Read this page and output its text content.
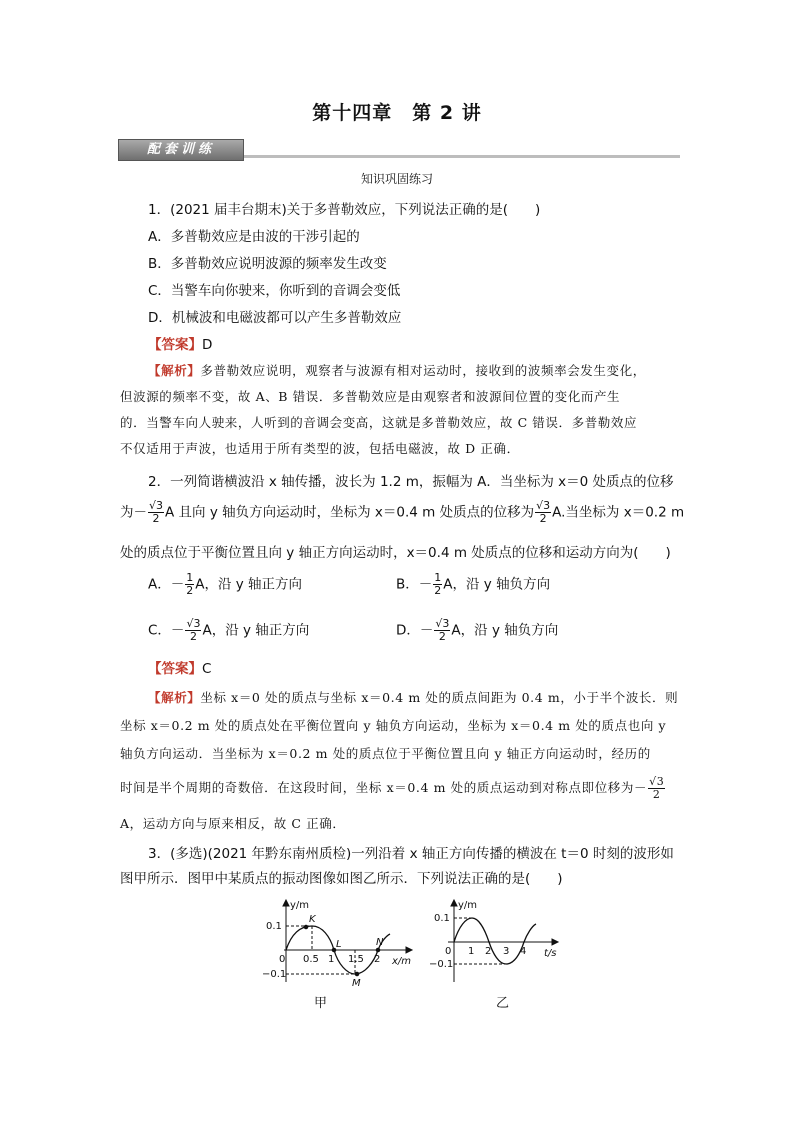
第十四章　第 2 讲
配套训练
知识巩固练习
1．(2021 届丰台期末)关于多普勒效应，下列说法正确的是(　　)
A．多普勒效应是由波的干涉引起的
B．多普勒效应说明波源的频率发生改变
C．当警车向你驶来，你听到的音调会变低
D．机械波和电磁波都可以产生多普勒效应
【答案】D
【解析】多普勒效应说明，观察者与波源有相对运动时，接收到的波频率会发生变化，
但波源的频率不变，故 A、B 错误．多普勒效应是由观察者和波源间位置的变化而产生
的．当警车向人驶来，人听到的音调会变高，这就是多普勒效应，故 C 错误．多普勒效应
不仅适用于声波，也适用于所有类型的波，包括电磁波，故 D 正确．
2．一列简谐横波沿 x 轴传播，波长为 1.2 m，振幅为 A．当坐标为 x＝0 处质点的位移
为－ $\frac{√3}{2}$ A 且向 y 轴负方向运动时，坐标为 x＝0.4 m 处质点的位移为 $\frac{√3}{2} A$.当坐标为 x＝0.2 m
处的质点位于平衡位置且向 y 轴正方向运动时，x＝0.4 m 处质点的位移和运动方向为(　　)
A．－ $\frac{1}{2}$ A，沿 y 轴正方向	B．－ $\frac{1}{2}$ A，沿 y 轴负方向
C．－ $\frac{√3}{2}$ A，沿 y 轴正方向	D．－ $\frac{√3}{2}$ A，沿 y 轴负方向
【答案】C
【解析】坐标 x＝0 处的质点与坐标 x＝0.4 m 处的质点间距为 0.4 m，小于半个波长．则
坐标 x＝0.2 m 处的质点处在平衡位置向 y 轴负方向运动，坐标为 x＝0.4 m 处的质点也向 y
轴负方向运动．当坐标为 x＝0.2 m 处的质点位于平衡位置且向 y 轴正方向运动时，经历的
时间是半个周期的奇数倍．在这段时间，坐标 x＝0.4 m 处的质点运动到对称点即位移为－ $\frac{√3}{2}$
A，运动方向与原来相反，故 C 正确．
3．(多选)(2021 年黔东南州质检)一列沿着 x 轴正方向传播的横波在 t＝0 时刻的波形如
图甲所示．图甲中某质点的振动图像如图乙所示．下列说法正确的是(　　)
y/m
x/m
0.1
−0.1
0 0.5 1 1.5 2
K
L
M
N
甲
y/m
t/s
0.1
−0.1
0 1 2 3 4
乙
